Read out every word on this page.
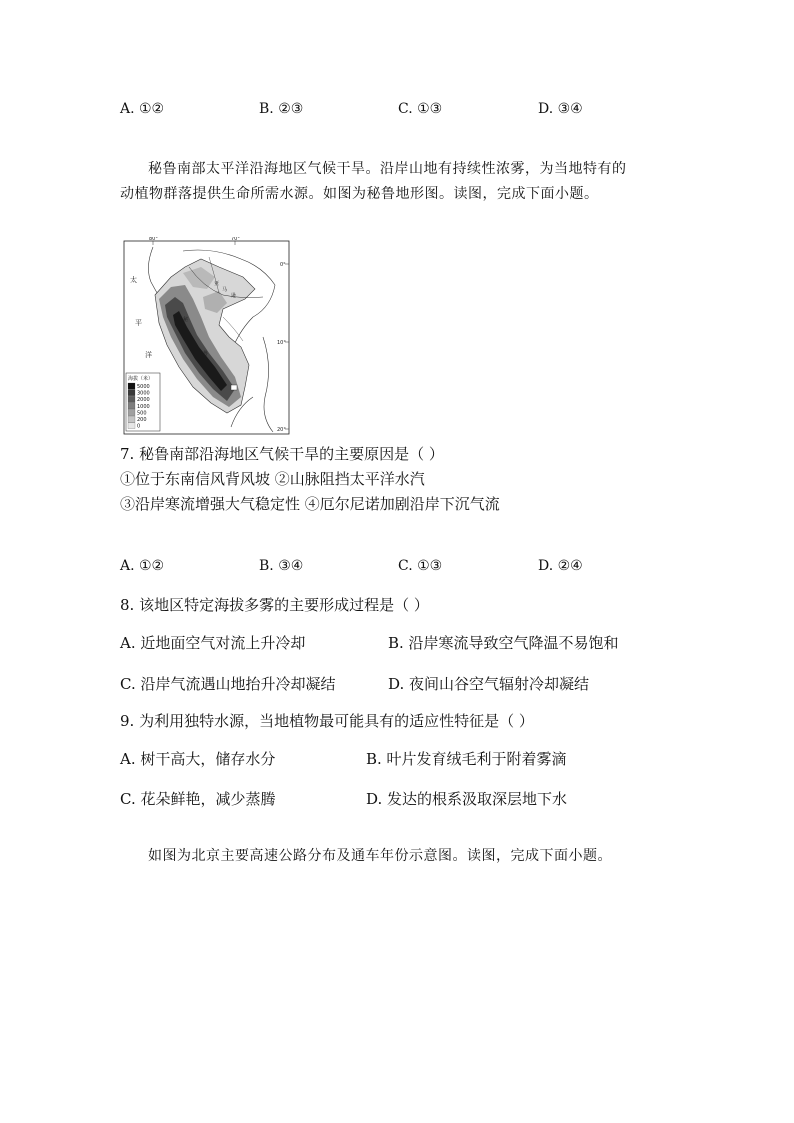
A. ①②	B. ②③	C. ①③	D. ③④
秘鲁南部太平洋沿海地区气候干旱。沿岸山地有持续性浓雾，为当地特有的
动植物群落提供生命所需水源。如图为秘鲁地形图。读图，完成下面小题。
80°	70°
0°
10°
20°
太
平
洋
亚
马
逊
秘
鲁
海拔（米）
5000
3000
2000
1000
500
200
0
7. 秘鲁南部沿海地区气候干旱的主要原因是（ ）
①位于东南信风背风坡 ②山脉阻挡太平洋水汽
③沿岸寒流增强大气稳定性 ④厄尔尼诺加剧沿岸下沉气流
A. ①②	B. ③④	C. ①③	D. ②④
8. 该地区特定海拔多雾的主要形成过程是（ ）
A. 近地面空气对流上升冷却	B. 沿岸寒流导致空气降温不易饱和
C. 沿岸气流遇山地抬升冷却凝结	D. 夜间山谷空气辐射冷却凝结
9. 为利用独特水源，当地植物最可能具有的适应性特征是（ ）
A. 树干高大，储存水分	B. 叶片发育绒毛利于附着雾滴
C. 花朵鲜艳，减少蒸腾	D. 发达的根系汲取深层地下水
如图为北京主要高速公路分布及通车年份示意图。读图，完成下面小题。
